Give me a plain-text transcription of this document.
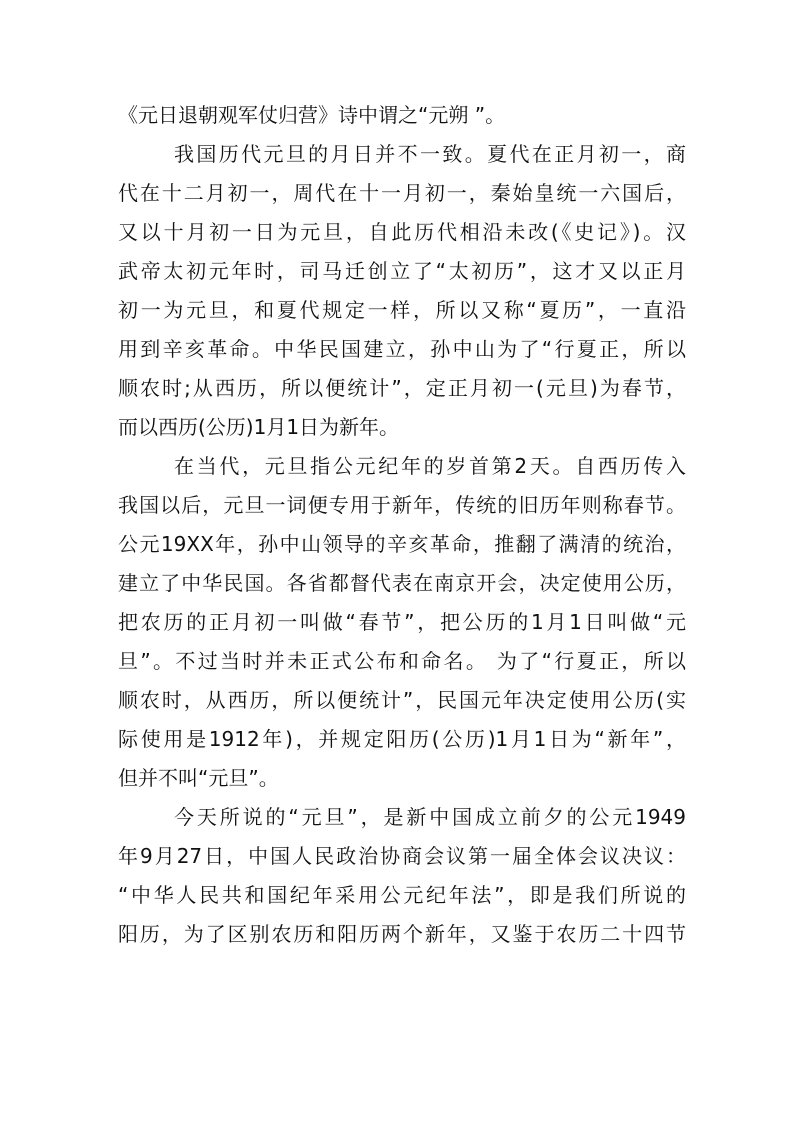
《元日退朝观军仗归营》诗中谓之“元朔 ”。
我国历代元旦的月日并不一致。夏代在正月初一，商
代在十二月初一，周代在十一月初一，秦始皇统一六国后，
又以十月初一日为元旦，自此历代相沿未改(《史记》)。汉
武帝太初元年时，司马迁创立了“太初历”，这才又以正月
初一为元旦，和夏代规定一样，所以又称“夏历”，一直沿
用到辛亥革命。中华民国建立，孙中山为了“行夏正，所以
顺农时;从西历，所以便统计”，定正月初一(元旦)为春节，
而以西历(公历)1月1日为新年。
在当代，元旦指公元纪年的岁首第2天。自西历传入
我国以后，元旦一词便专用于新年，传统的旧历年则称春节。
公元19XX年，孙中山领导的辛亥革命，推翻了满清的统治，
建立了中华民国。各省都督代表在南京开会，决定使用公历，
把农历的正月初一叫做“春节”，把公历的1月1日叫做“元
旦”。不过当时并未正式公布和命名。 为了“行夏正，所以
顺农时，从西历，所以便统计”，民国元年决定使用公历(实
际使用是1912年)，并规定阳历(公历)1月1日为“新年”，
但并不叫“元旦”。
今天所说的“元旦”，是新中国成立前夕的公元1949
年9月27日，中国人民政治协商会议第一届全体会议决议：
“中华人民共和国纪年采用公元纪年法”，即是我们所说的
阳历，为了区别农历和阳历两个新年，又鉴于农历二十四节
